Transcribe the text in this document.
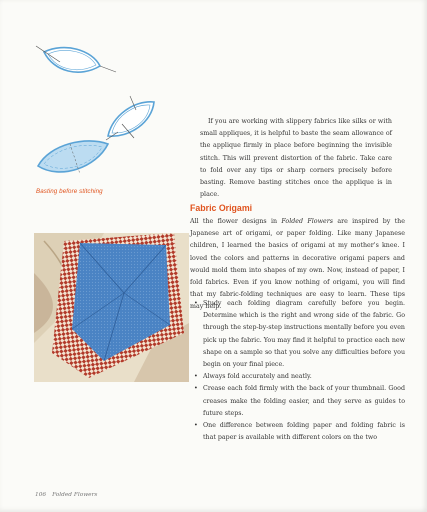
Basting before stitching
If you are working with slippery fabrics like silks or with small appliques, it is helpful to baste the seam allowance of the applique firmly in place before beginning the invisible stitch. This will prevent distortion of the fabric. Take care to fold over any tips or sharp corners precisely before basting. Remove basting stitches once the applique is in place.
Fabric Origami
All the flower designs in Folded Flowers are inspired by the Japanese art of origami, or paper folding. Like many Japanese children, I learned the basics of origami at my mother's knee. I loved the colors and patterns in decorative origami papers and would mold them into shapes of my own. Now, instead of paper, I fold fabrics. Even if you know nothing of origami, you will find that my fabric-folding techniques are easy to learn. These tips may help.
• Study each folding diagram carefully before you begin. Determine which is the right and wrong side of the fabric. Go through the step-by-step instructions mentally before you even pick up the fabric. You may find it helpful to practice each new shape on a sample so that you solve any difficulties before you begin on your final piece.
• Always fold accurately and neatly.
• Crease each fold firmly with the back of your thumbnail. Good creases make the folding easier, and they serve as guides to future steps.
• One difference between folding paper and folding fabric is that paper is available with different colors on the two
106 Folded Flowers
